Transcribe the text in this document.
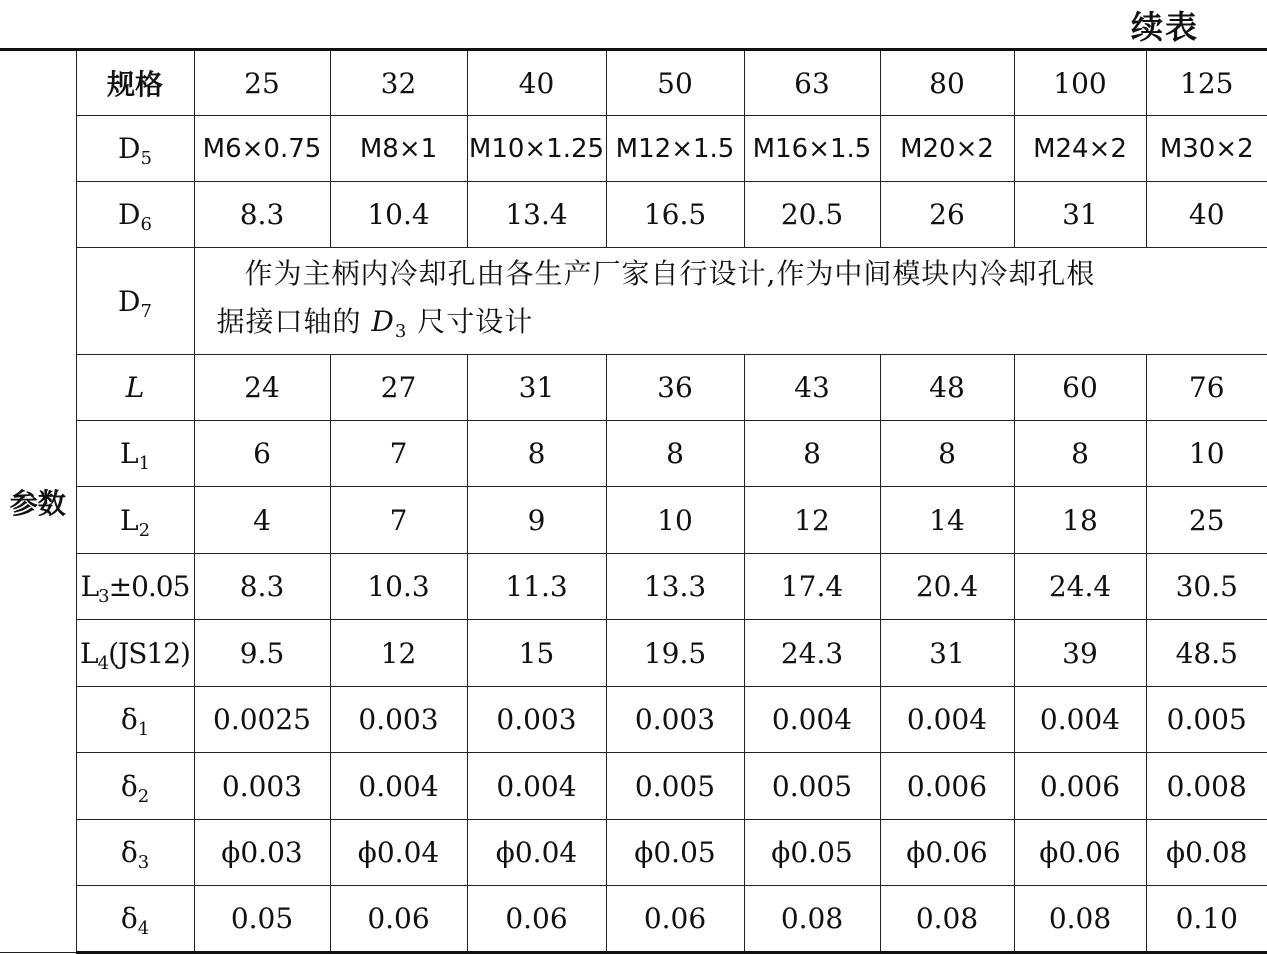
续表
参数	规格	25	32	40	50	63	80	100	125
	$D_5$	M6×0.75	M8×1	M10×1.25	M12×1.5	M16×1.5	M20×2	M24×2	M30×2
	$D_6$	8.3	10.4	13.4	16.5	20.5	26	31	40
	$D_7$	作为主柄内冷却孔由各生产厂家自行设计,作为中间模块内冷却孔根
据接口轴的 $D_3$ 尺寸设计							
	L	24	27	31	36	43	48	60	76
	$L_1$	6	7	8	8	8	8	8	10
	$L_2$	4	7	9	10	12	14	18	25
	$L_3\pm 0.05$	8.3	10.3	11.3	13.3	17.4	20.4	24.4	30.5
	$L_4(JS12)$	9.5	12	15	19.5	24.3	31	39	48.5
	$\delta_1$	0.0025	0.003	0.003	0.003	0.004	0.004	0.004	0.005
	$\delta_2$	0.003	0.004	0.004	0.005	0.005	0.006	0.006	0.008
	$\delta_3$	ϕ0.03	ϕ0.04	ϕ0.04	ϕ0.05	ϕ0.05	ϕ0.06	ϕ0.06	ϕ0.08
	$\delta_4$	0.05	0.06	0.06	0.06	0.08	0.08	0.08	0.10
